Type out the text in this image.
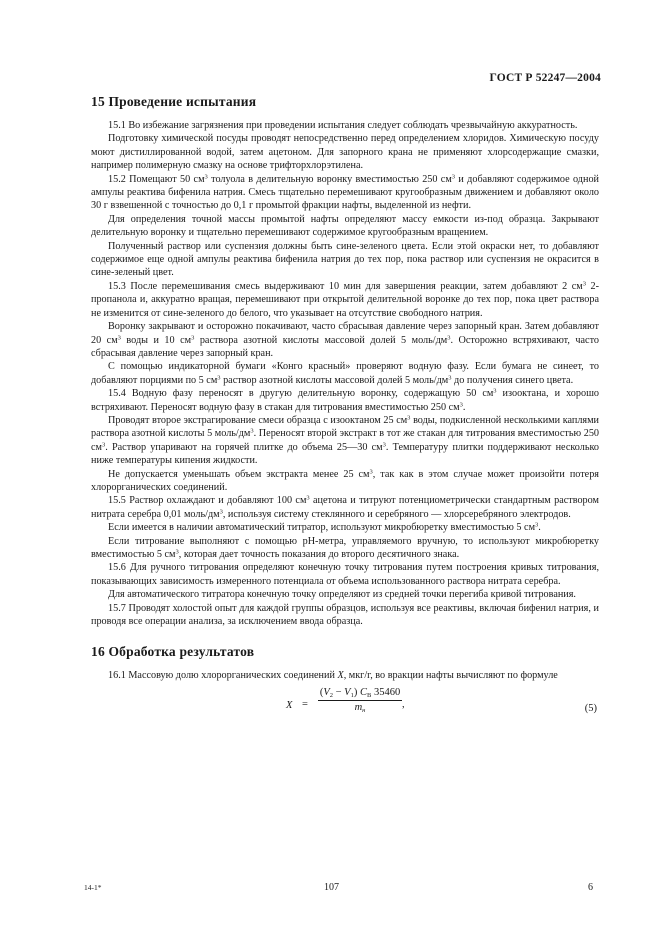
ГОСТ Р 52247—2004
15 Проведение испытания

15.1 Во избежание загрязнения при проведении испытания следует соблюдать чрезвычайную аккуратность.

Подготовку химической посуды проводят непосредственно перед определением хлоридов. Химическую посуду моют дистиллированной водой, затем ацетоном. Для запорного крана не применяют хлорсодержащие смазки, например полимерную смазку на основе трифторхлорэтилена.

15.2 Помещают 50 $см^3$ толуола в делительную воронку вместимостью 250 $см^3$ и добавляют содержимое одной ампулы реактива бифенила натрия. Смесь тщательно перемешивают кругообразным движением и добавляют около 30 г взвешенной с точностью до 0,1 г промытой фракции нафты, выделенной из нефти.

Для определения точной массы промытой нафты определяют массу емкости из-под образца. Закрывают делительную воронку и тщательно перемешивают содержимое кругообразным вращением.

Полученный раствор или суспензия должны быть сине-зеленого цвета. Если этой окраски нет, то добавляют содержимое еще одной ампулы реактива бифенила натрия до тех пор, пока раствор или суспензия не окрасится в сине-зеленый цвет.

15.3 После перемешивания смесь выдерживают 10 мин для завершения реакции, затем добавляют 2 $см^3$ 2-пропанола и, аккуратно вращая, перемешивают при открытой делительной воронке до тех пор, пока цвет раствора не изменится от сине-зеленого до белого, что указывает на отсутствие свободного натрия.

Воронку закрывают и осторожно покачивают, часто сбрасывая давление через запорный кран. Затем добавляют 20 $см^3$ воды и 10 $см^3$ раствора азотной кислоты массовой долей 5 моль/$дм^3$. Осторожно встряхивают, часто сбрасывая давление через запорный кран.

С помощью индикаторной бумаги «Конго красный» проверяют водную фазу. Если бумага не синеет, то добавляют порциями по 5 $см^3$ раствор азотной кислоты массовой долей 5 моль/$дм^3$ до получения синего цвета.

15.4 Водную фазу переносят в другую делительную воронку, содержащую 50 $см^3$ изооктана, и хорошо встряхивают. Переносят водную фазу в стакан для титрования вместимостью 250 $см^3$.

Проводят второе экстрагирование смеси образца с изооктаном 25 $см^3$ воды, подкисленной несколькими каплями раствора азотной кислоты 5 моль/$дм^3$. Переносят второй экстракт в тот же стакан для титрования вместимостью 250 $см^3$. Раствор упаривают на горячей плитке до объема 25—30 $см^3$. Температуру плитки поддерживают несколько ниже температуры кипения жидкости.

Не допускается уменьшать объем экстракта менее 25 $см^3$, так как в этом случае может произойти потеря хлорорганических соединений.

15.5 Раствор охлаждают и добавляют 100 $см^3$ ацетона и титруют потенциометрически стандартным раствором нитрата серебра 0,01 моль/$дм^3$, используя систему стеклянного и серебряного — хлорсеребряного электродов.

Если имеется в наличии автоматический титратор, используют микробюретку вместимостью 5 $см^3$.

Если титрование выполняют с помощью pH-метра, управляемого вручную, то используют микробюретку вместимостью 5 $см^3$, которая дает точность показания до второго десятичного знака.

15.6 Для ручного титрования определяют конечную точку титрования путем построения кривых титрования, показывающих зависимость измеренного потенциала от объема использованного раствора нитрата серебра.

Для автоматического титратора конечную точку определяют из средней точки перегиба кривой титрования.

15.7 Проводят холостой опыт для каждой группы образцов, используя все реактивы, включая бифенил натрия, и проводя все операции анализа, за исключением ввода образца.

16 Обработка результатов

16.1 Массовую долю хлорорганических соединений X, мкг/г, во вракции нафты вычисляют по формуле

X =
$(V_2 - V_1)$ $C_В$ 35460
$m_н$
,	(5)
14-1*	107	6
